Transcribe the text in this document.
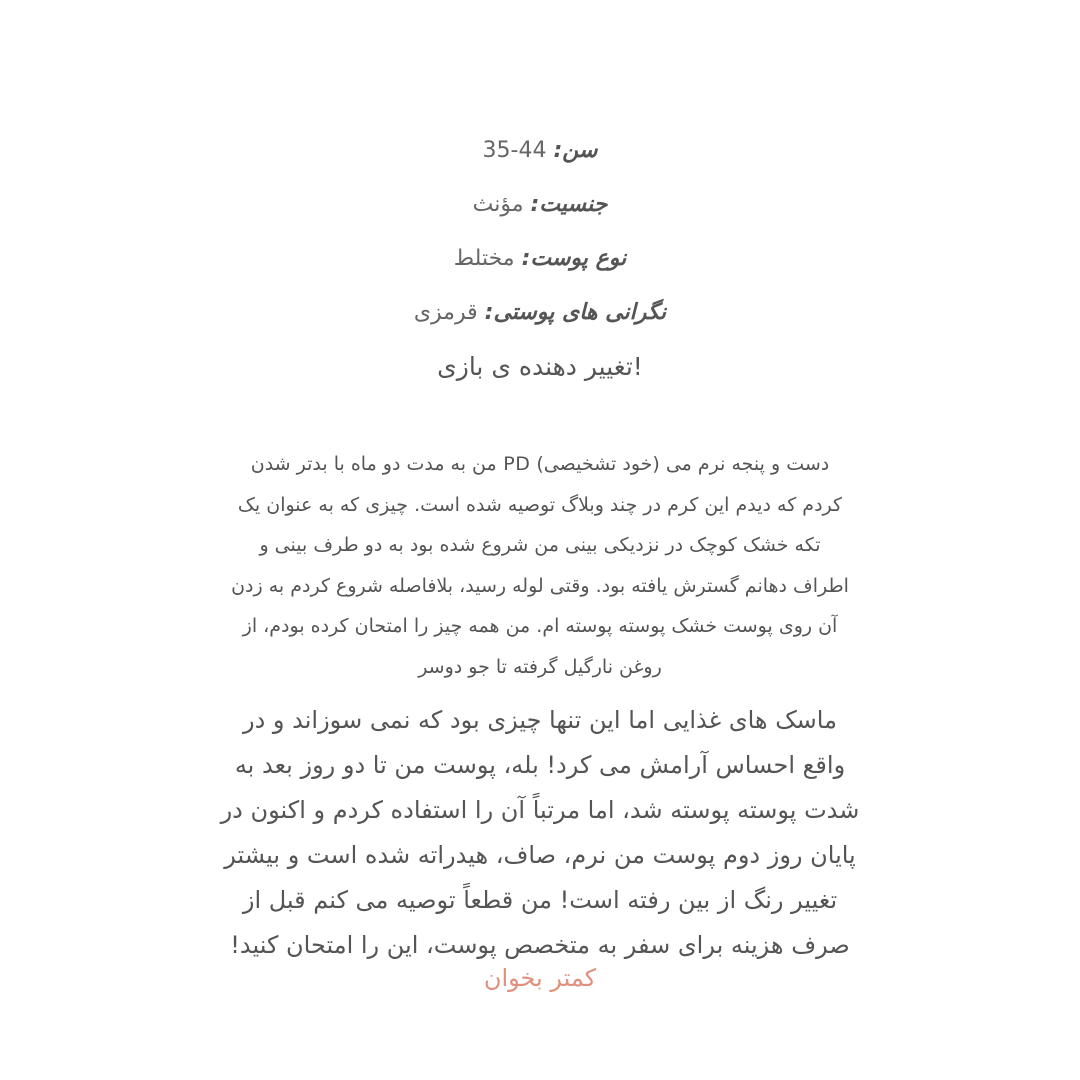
سن: 35-44
جنسیت: مؤنث
نوع پوست: مختلط
نگرانی های پوستی: قرمزی
!تغییر دهنده ی بازی
دست و پنجه نرم می (خود تشخیصی) PD من به مدت دو ماه با بدتر شدن
کردم که دیدم این کرم در چند وبلاگ توصیه شده است. چیزی که به عنوان یک
تکه خشک کوچک در نزدیکی بینی من شروع شده بود به دو طرف بینی و
اطراف دهانم گسترش یافته بود. وقتی لوله رسید، بلافاصله شروع کردم به زدن
آن روی پوست خشک پوسته پوسته ام. من همه چیز را امتحان کرده بودم، از
روغن نارگیل گرفته تا جو دوسر
ماسک های غذایی اما این تنها چیزی بود که نمی سوزاند و در
واقع احساس آرامش می کرد! بله، پوست من تا دو روز بعد به
شدت پوسته پوسته شد، اما مرتباً آن را استفاده کردم و اکنون در
پایان روز دوم پوست من نرم، صاف، هیدراته شده است و بیشتر
تغییر رنگ از بین رفته است! من قطعاً توصیه می کنم قبل از
صرف هزینه برای سفر به متخصص پوست، این را امتحان کنید!
کمتر بخوان
